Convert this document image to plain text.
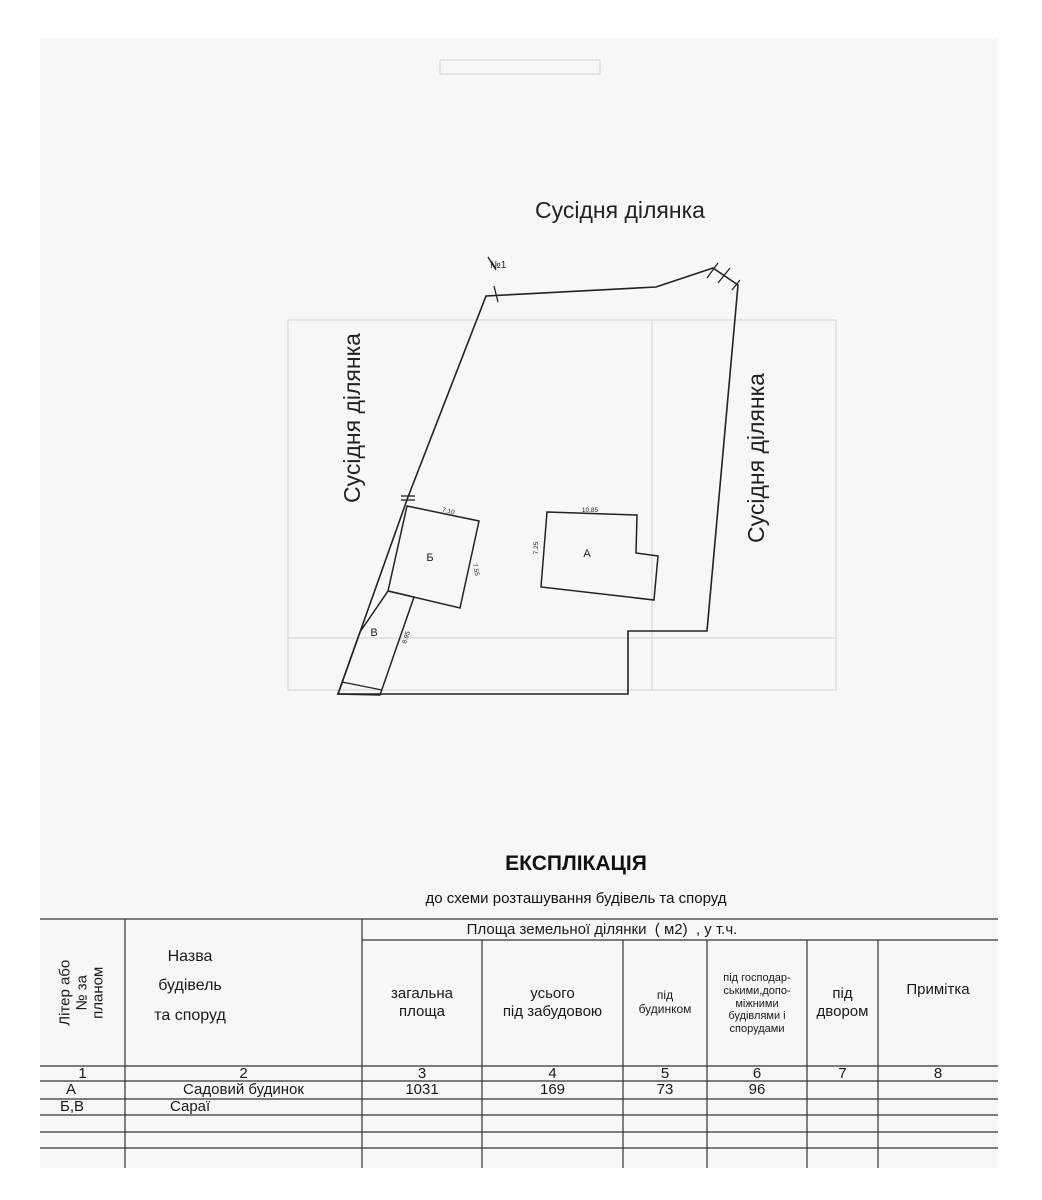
Сусідня ділянка
Сусідня ділянка	Сусідня ділянка
№1
А
Б
В
10.85
7.25
7.10
7.55
8.95
ЕКСПЛІКАЦІЯ
до схеми розташування будівель та споруд
Літер або № за планом
Назва
будівель
та споруд
Площа земельної ділянки  ( м2)  , у т.ч.
загальна
площа
усього
під забудовою
під
будинком
під господар-
ськими,допо-
міжними
будівлями і
спорудами
під
двором
Примітка
1	2	3	4	5	6	7	8
А	Садовий будинок	1031	169	73	96
Б,В	Сараї
